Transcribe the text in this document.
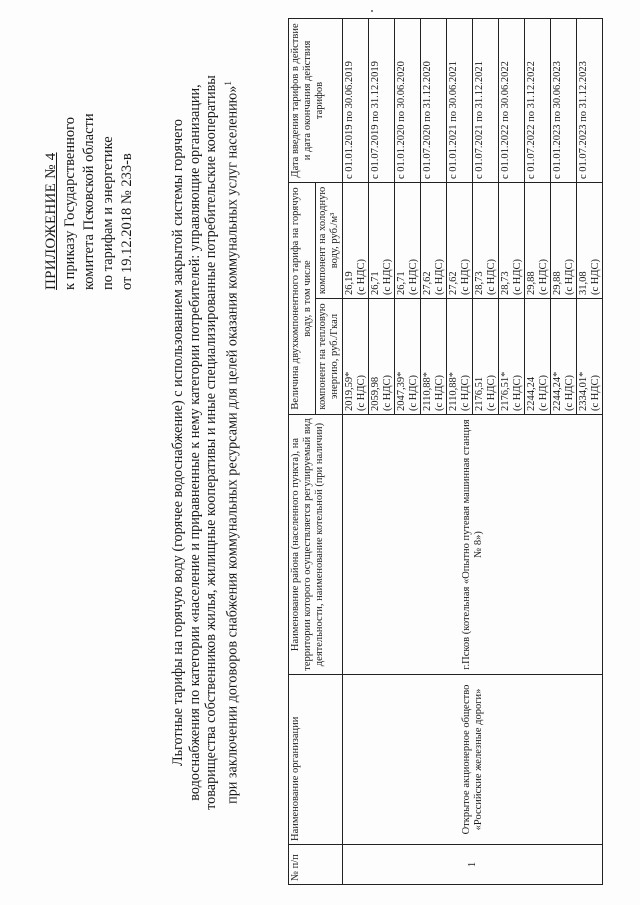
ПРИЛОЖЕНИЕ № 4 к приказу Государственного комитета Псковской области по тарифам и энергетике от 19.12.2018 № 233-в Льготные тарифы на горячую воду (горячее водоснабжение) с использованием закрытой системы горячего водоснабжения по категории «население и приравненные к нему категории потребителей: управляющие организации, товарищества собственников жилья, жилищные кооперативы и иные специализированные потребительские кооперативы при заключении договоров снабжения коммунальных ресурсами для целей оказания коммунальных услуг населению»$^1$
№ п/п	Наименование организации	Наименование района (населенного пункта), на территории которого осуществляется регулируемый вид деятельности, наименование котельной (при наличии)	Величина двухкомпонентного тарифа на горячую воду, в том числе		Дата введения тарифов в действие и дата окончания действия тарифов
			компонент на тепловую энергию, руб./Гкал	компонент на холодную воду, руб./м³	
1	Открытое акционерное общество «Российские железные дороги»	г.Псков (котельная «Опытно путевая машинная станция № 8»)	2019,59* (с НДС)	26,19 (с НДС)	с 01.01.2019 по 30.06.2019

			2059,98 (с НДС)	26,71 (с НДС)	с 01.07.2019 по 31.12.2019

			2047,39* (с НДС)	26,71 (с НДС)	с 01.01.2020 по 30.06.2020

			2110,88* (с НДС)	27,62 (с НДС)	с 01.07.2020 по 31.12.2020

			2110,88* (с НДС)	27,62 (с НДС)	с 01.01.2021 по 30.06.2021

			2176,51 (с НДС)	28,73 (с НДС)	с 01.07.2021 по 31.12.2021

			2176,51* (с НДС)	28,73 (с НДС)	с 01.01.2022 по 30.06.2022

			2244,24 (с НДС)	29,88 (с НДС)	с 01.07.2022 по 31.12.2022

			2244,24* (с НДС)	29,88 (с НДС)	с 01.01.2023 по 30.06.2023

			2334,01* (с НДС)	31,08 (с НДС)	с 01.07.2023 по 31.12.2023
